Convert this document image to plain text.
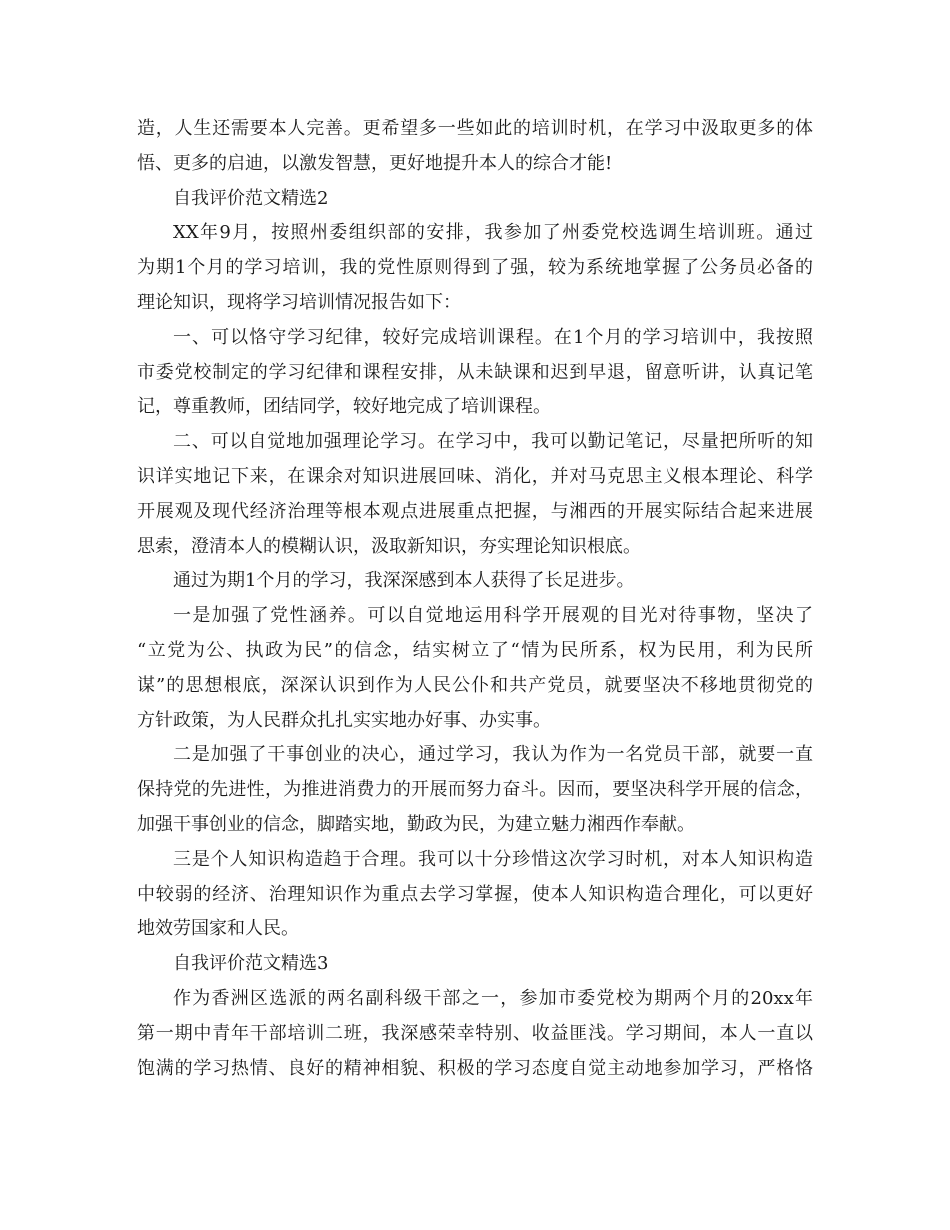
造，人生还需要本人完善。更希望多一些如此的培训时机，在学习中汲取更多的体
悟、更多的启迪，以激发智慧，更好地提升本人的综合才能!
自我评价范文精选2
XX年9月，按照州委组织部的安排，我参加了州委党校选调生培训班。通过
为期1个月的学习培训，我的党性原则得到了强，较为系统地掌握了公务员必备的
理论知识，现将学习培训情况报告如下：
一、可以恪守学习纪律，较好完成培训课程。在1个月的学习培训中，我按照
市委党校制定的学习纪律和课程安排，从未缺课和迟到早退，留意听讲，认真记笔
记，尊重教师，团结同学，较好地完成了培训课程。
二、可以自觉地加强理论学习。在学习中，我可以勤记笔记，尽量把所听的知
识详实地记下来，在课余对知识进展回味、消化，并对马克思主义根本理论、科学
开展观及现代经济治理等根本观点进展重点把握，与湘西的开展实际结合起来进展
思索，澄清本人的模糊认识，汲取新知识，夯实理论知识根底。
通过为期1个月的学习，我深深感到本人获得了长足进步。
一是加强了党性涵养。可以自觉地运用科学开展观的目光对待事物，坚决了
“立党为公、执政为民”的信念，结实树立了“情为民所系，权为民用，利为民所
谋”的思想根底，深深认识到作为人民公仆和共产党员，就要坚决不移地贯彻党的
方针政策，为人民群众扎扎实实地办好事、办实事。
二是加强了干事创业的决心，通过学习，我认为作为一名党员干部，就要一直
保持党的先进性，为推进消费力的开展而努力奋斗。因而，要坚决科学开展的信念，
加强干事创业的信念，脚踏实地，勤政为民，为建立魅力湘西作奉献。
三是个人知识构造趋于合理。我可以十分珍惜这次学习时机，对本人知识构造
中较弱的经济、治理知识作为重点去学习掌握，使本人知识构造合理化，可以更好
地效劳国家和人民。
自我评价范文精选3
作为香洲区选派的两名副科级干部之一，参加市委党校为期两个月的20xx年
第一期中青年干部培训二班，我深感荣幸特别、收益匪浅。学习期间，本人一直以
饱满的学习热情、良好的精神相貌、积极的学习态度自觉主动地参加学习，严格恪
